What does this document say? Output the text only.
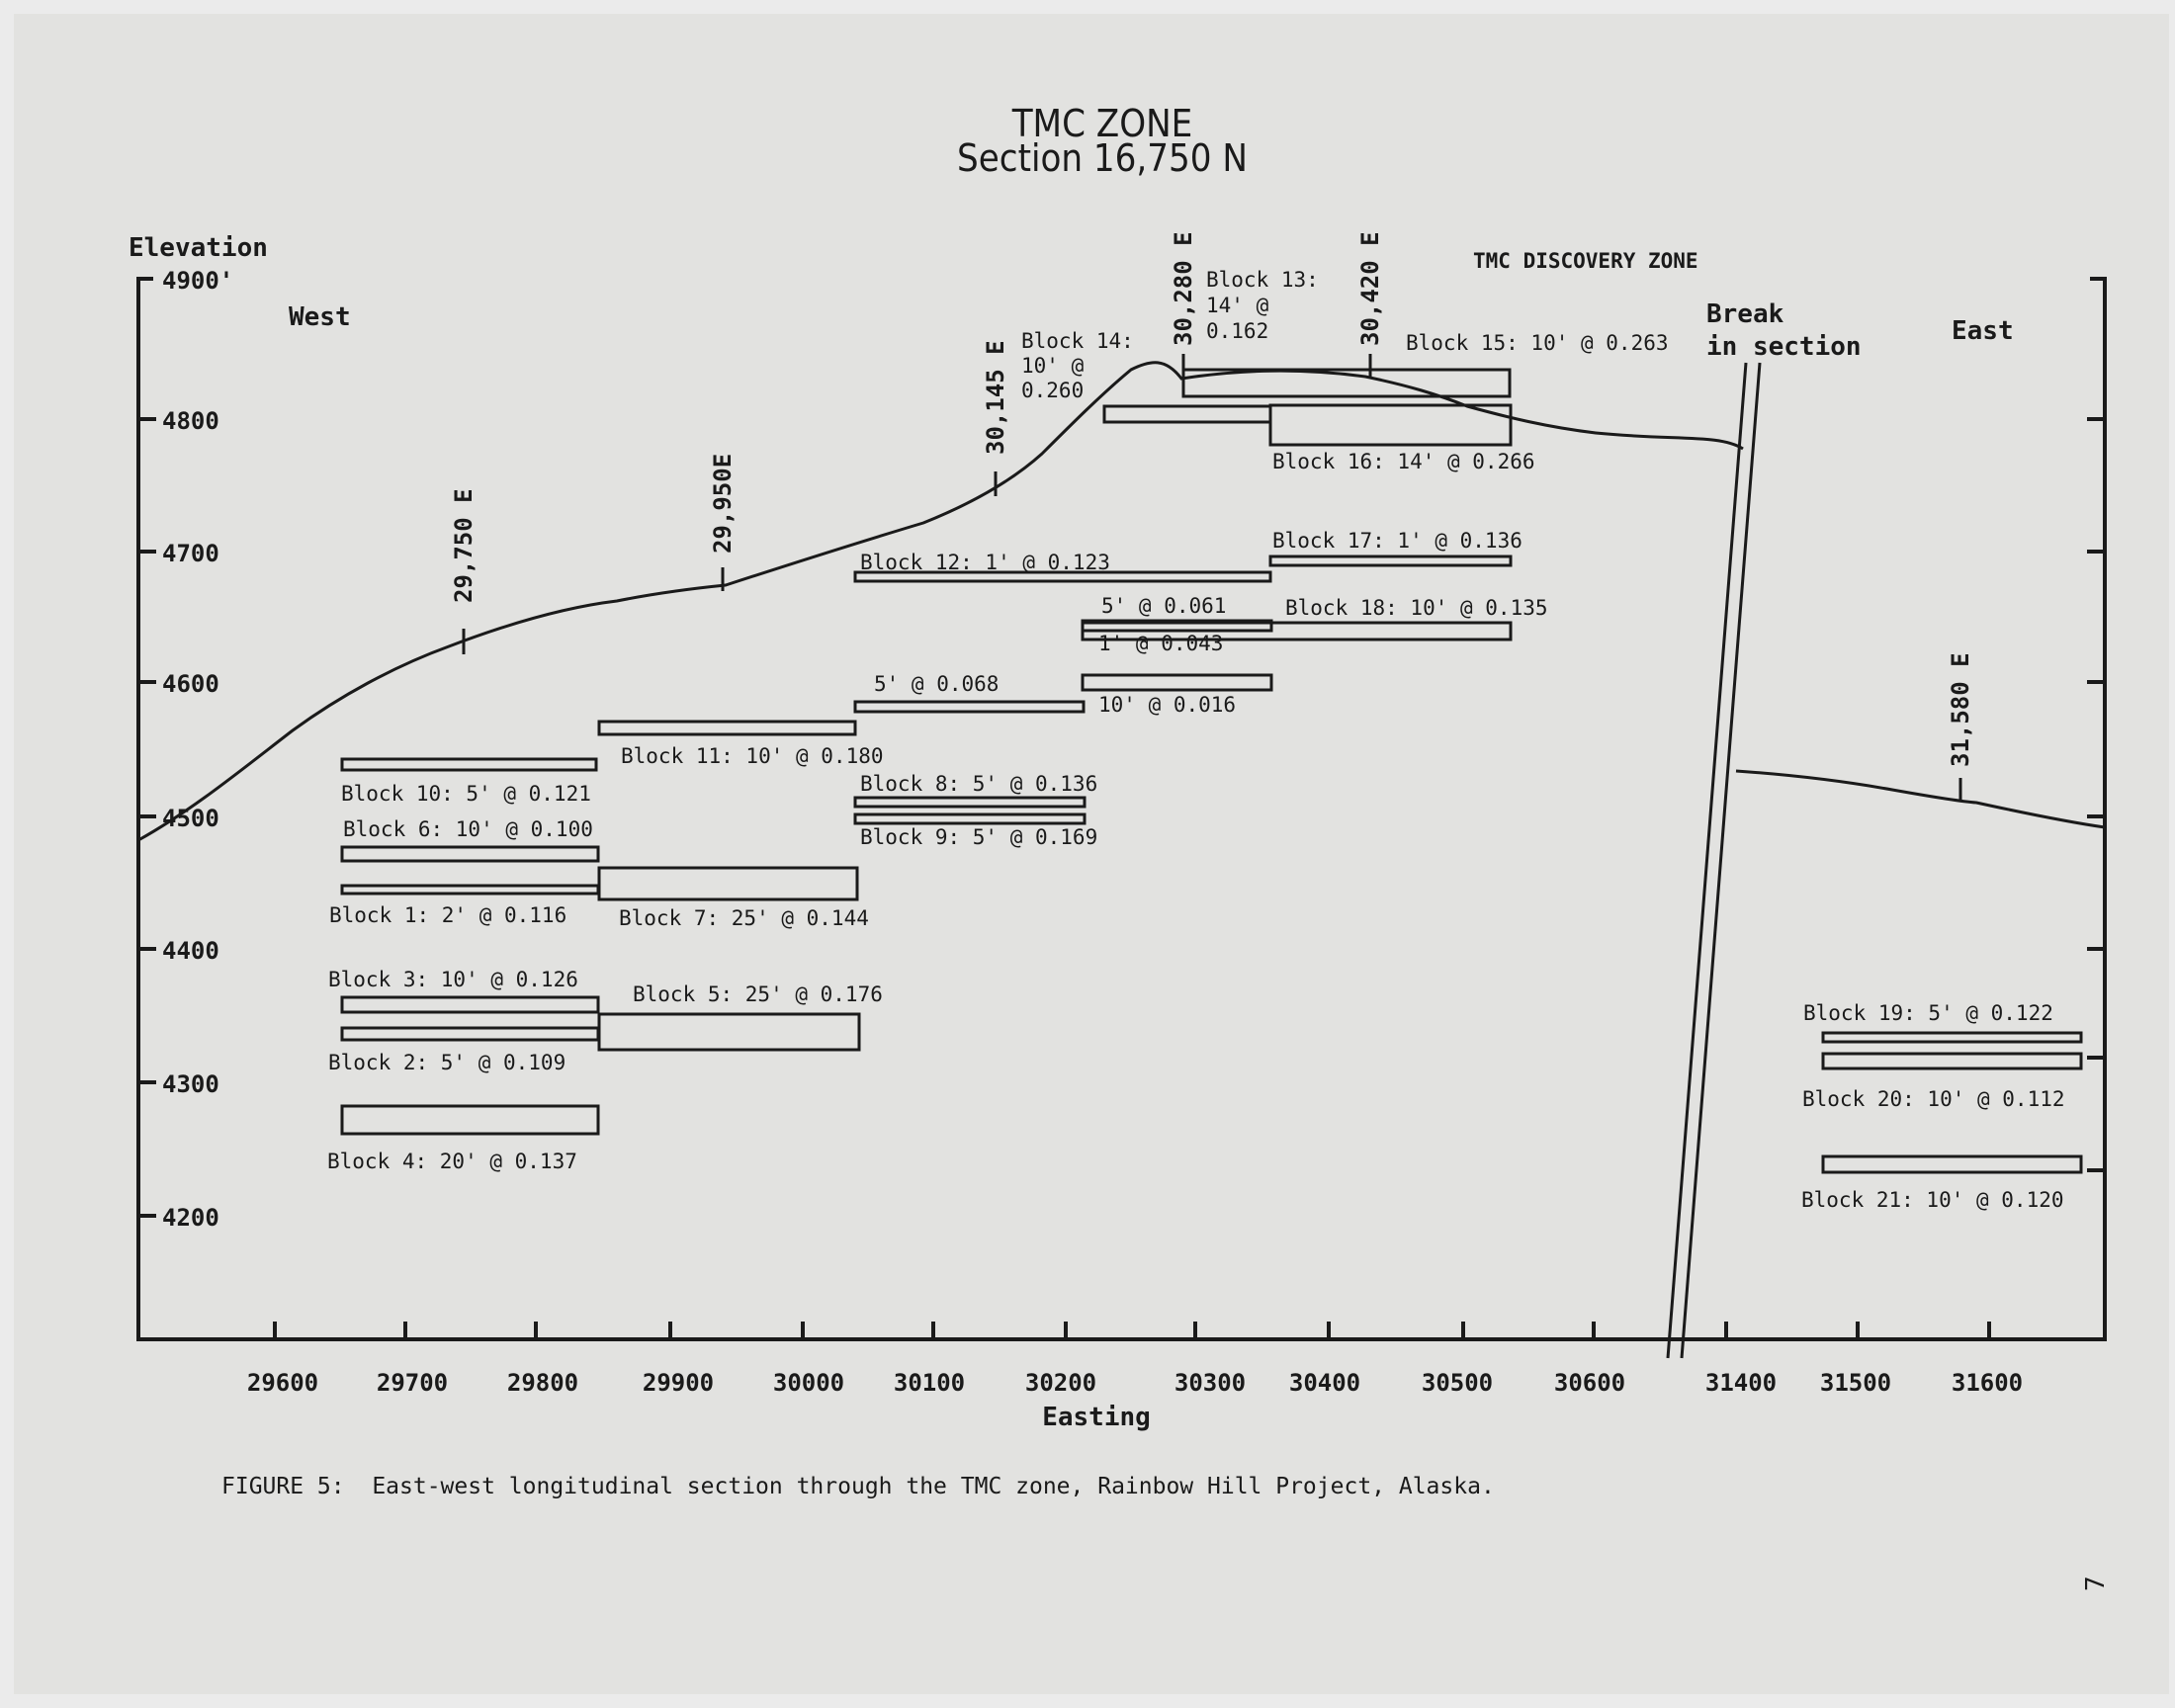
TMC ZONE
Section 16,750 N
Elevation
Easting
4900'
4800
4700
4600
4500
4400
4300
4200
29600 29700 29800	29900 30000 30100	30200	30300 30400	30500	30600	31400 31500	31600
Break
in section
West	East
TMC DISCOVERY ZONE
29,750 E	29,950E
30,145 E
30,280 E	30,420 E
31,580 E
Block 1: 2' @ 0.116
Block 2: 5' @ 0.109
Block 3: 10' @ 0.126
Block 4: 20' @ 0.137
Block 5: 25' @ 0.176
Block 6: 10' @ 0.100
Block 7: 25' @ 0.144
Block 8: 5' @ 0.136
Block 9: 5' @ 0.169
Block 10: 5' @ 0.121
Block 11: 10' @ 0.180
Block 12: 1' @ 0.123
Block 13:
14' @
0.162
Block 14:
10' @
0.260
Block 15: 10' @ 0.263
Block 16: 14' @ 0.266
Block 17: 1' @ 0.136
Block 18: 10' @ 0.135
Block 19: 5' @ 0.122
Block 20: 10' @ 0.112
Block 21: 10' @ 0.120
5' @ 0.068
5' @ 0.061
1' @ 0.043
10' @ 0.016
FIGURE 5:  East-west longitudinal section through the TMC zone, Rainbow Hill Project, Alaska.
7
